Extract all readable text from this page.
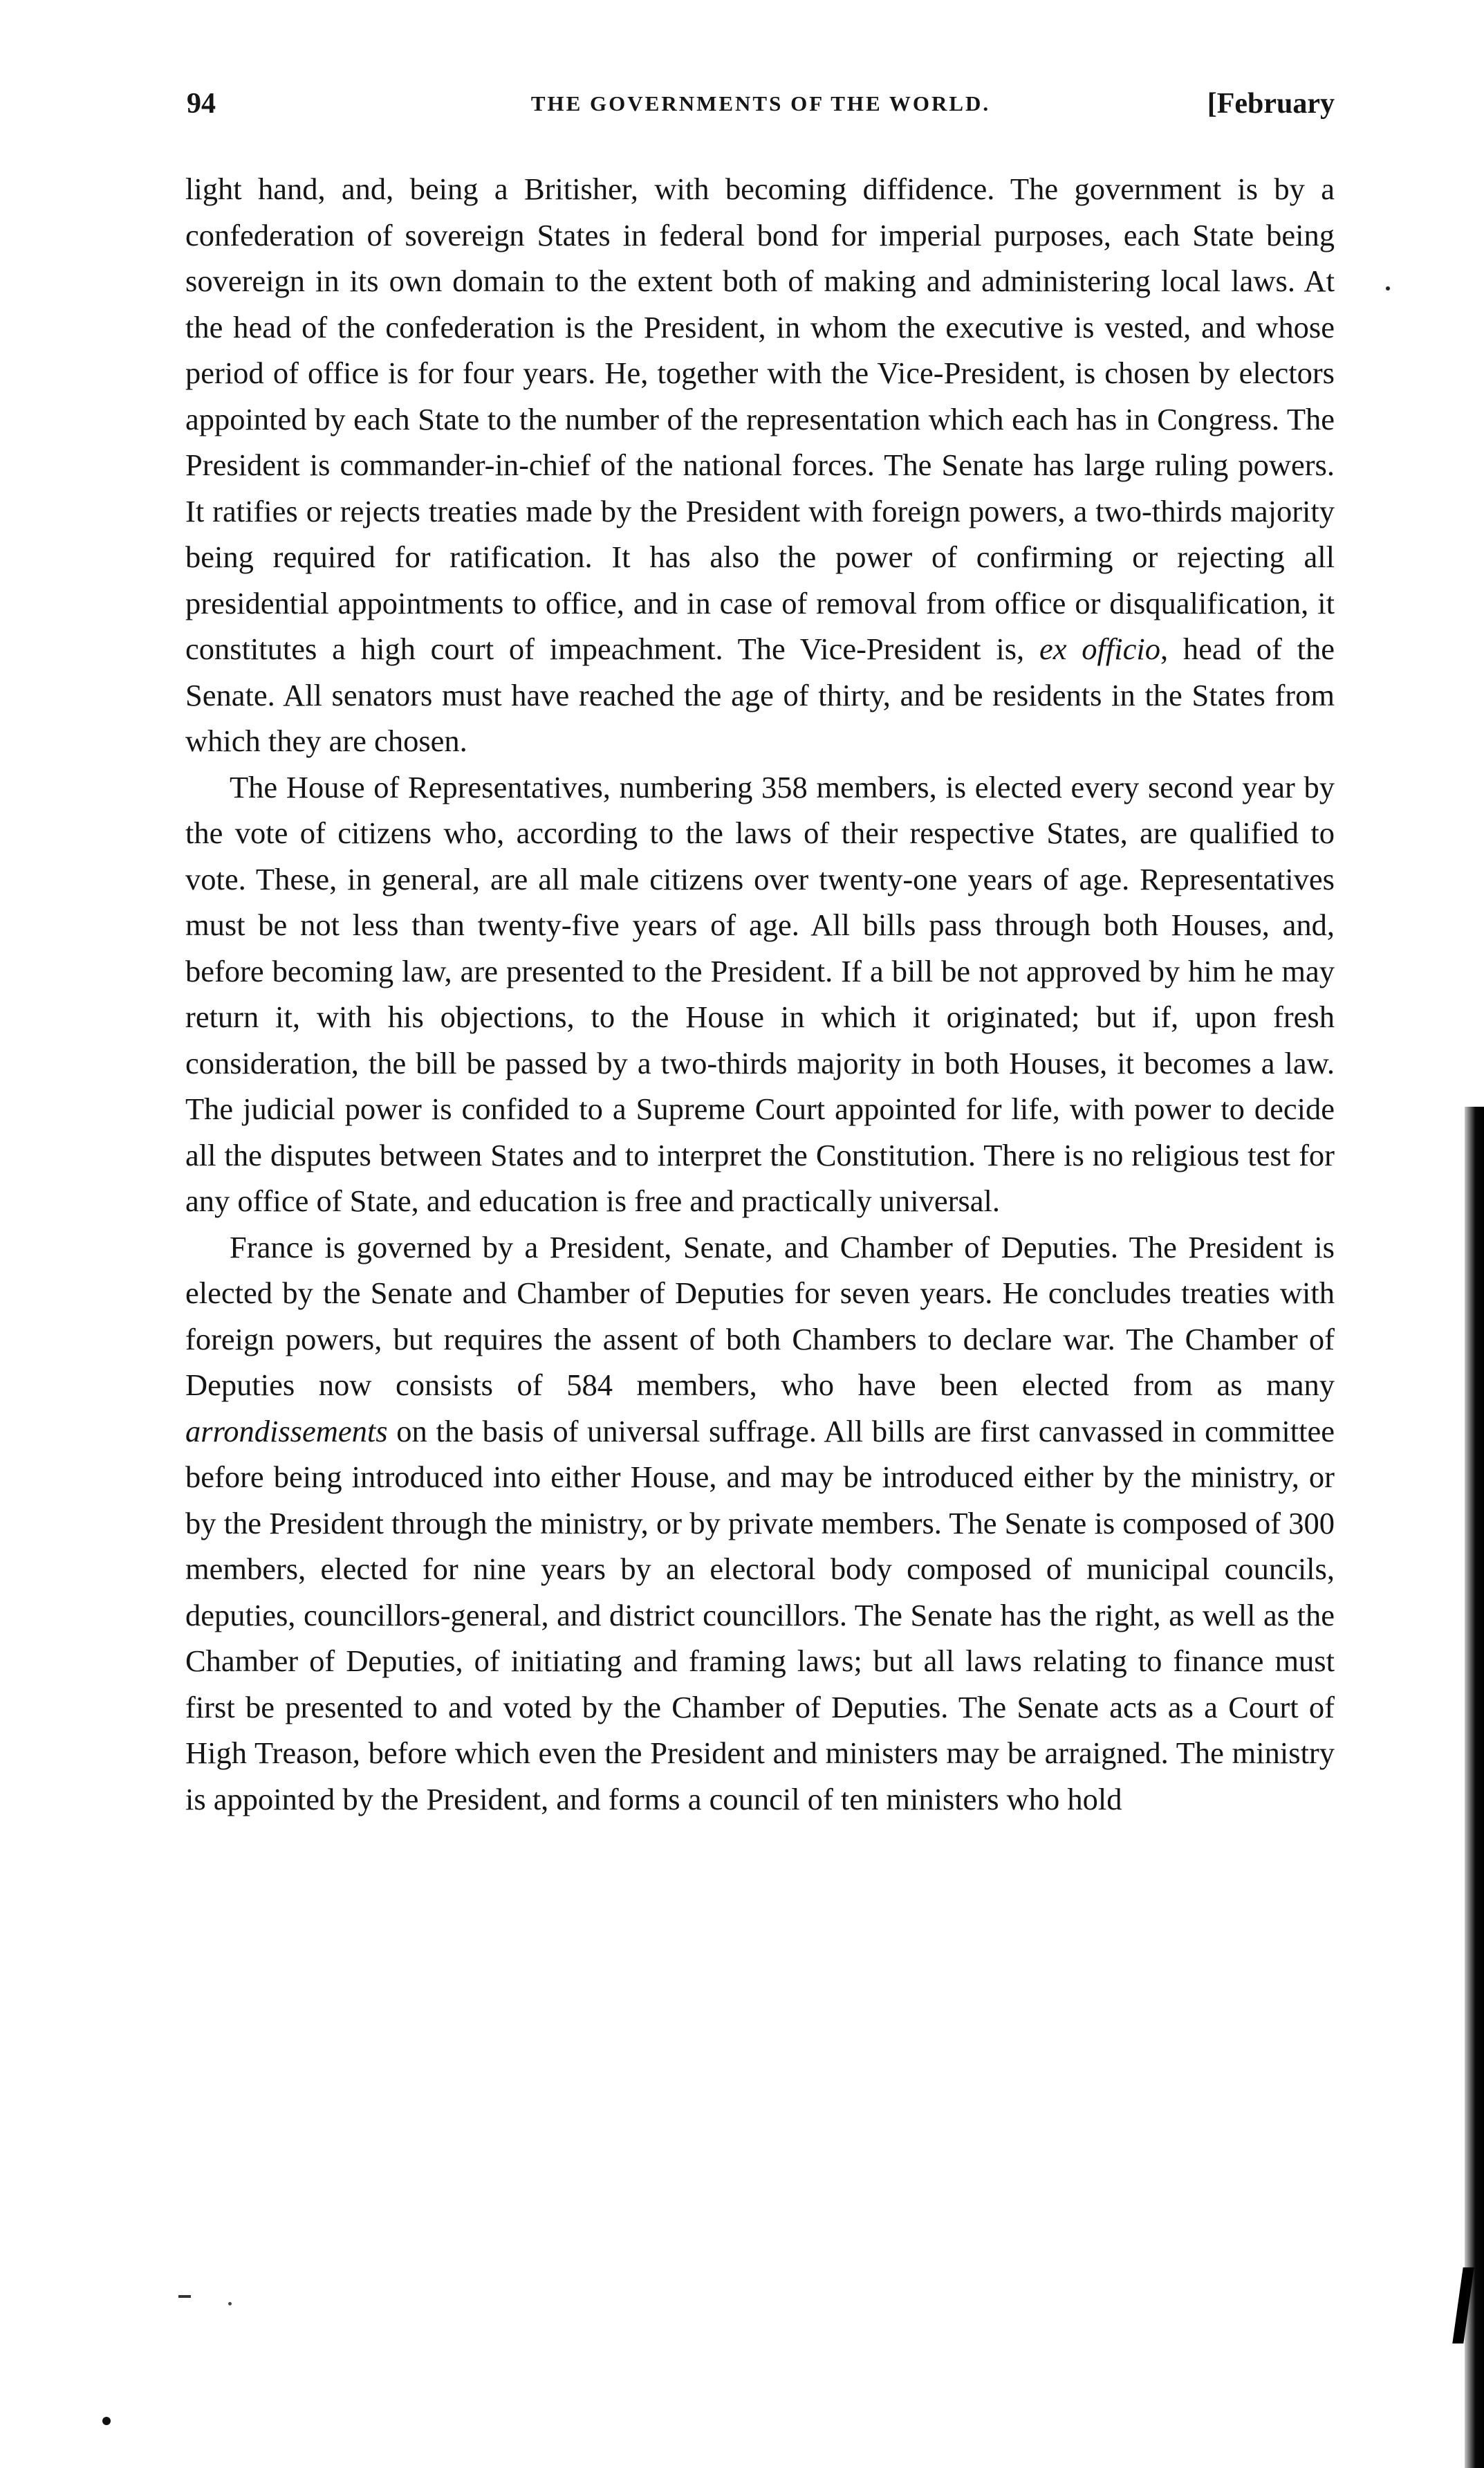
94	THE GOVERNMENTS OF THE WORLD.	[February

light hand, and, being a Britisher, with becoming diffidence. The government is by a confederation of sovereign States in federal bond for imperial purposes, each State being sovereign in its own domain to the extent both of making and administering local laws. At the head of the confederation is the President, in whom the executive is vested, and whose period of office is for four years. He, together with the Vice-President, is chosen by electors appointed by each State to the number of the representation which each has in Congress. The President is commander-in-chief of the national forces. The Senate has large ruling powers. It ratifies or rejects treaties made by the President with foreign powers, a two-thirds majority being required for ratification. It has also the power of confirming or rejecting all presidential appointments to office, and in case of removal from office or disqualification, it constitutes a high court of impeachment. The Vice-President is, ex officio, head of the Senate. All senators must have reached the age of thirty, and be residents in the States from which they are chosen.

The House of Representatives, numbering 358 members, is elected every second year by the vote of citizens who, according to the laws of their respective States, are qualified to vote. These, in general, are all male citizens over twenty-one years of age. Representatives must be not less than twenty-five years of age. All bills pass through both Houses, and, before becoming law, are presented to the President. If a bill be not approved by him he may return it, with his objections, to the House in which it originated; but if, upon fresh consideration, the bill be passed by a two-thirds majority in both Houses, it becomes a law. The judicial power is confided to a Supreme Court appointed for life, with power to decide all the disputes between States and to interpret the Constitution. There is no religious test for any office of State, and education is free and practically universal.

France is governed by a President, Senate, and Chamber of Deputies. The President is elected by the Senate and Chamber of Deputies for seven years. He concludes treaties with foreign powers, but requires the assent of both Chambers to declare war. The Chamber of Deputies now consists of 584 members, who have been elected from as many arrondissements on the basis of universal suffrage. All bills are first canvassed in committee before being introduced into either House, and may be introduced either by the ministry, or by the President through the ministry, or by private members. The Senate is composed of 300 members, elected for nine years by an electoral body composed of municipal councils, deputies, councillors-general, and district councillors. The Senate has the right, as well as the Chamber of Deputies, of initiating and framing laws; but all laws relating to finance must first be presented to and voted by the Chamber of Deputies. The Senate acts as a Court of High Treason, before which even the President and ministers may be arraigned. The ministry is appointed by the President, and forms a council of ten ministers who hold
